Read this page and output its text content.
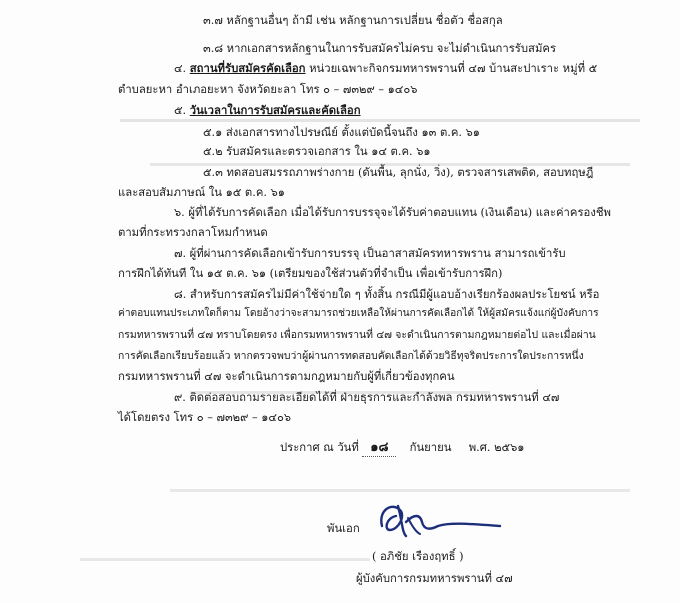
๓.๗ หลักฐานอื่นๆ ถ้ามี เช่น หลักฐานการเปลี่ยน ชื่อตัว ชื่อสกุล
๓.๘ หากเอกสารหลักฐานในการรับสมัครไม่ครบ จะไม่ดำเนินการรับสมัคร
๔. สถานที่รับสมัครคัดเลือก หน่วยเฉพาะกิจกรมทหารพรานที่ ๔๗ บ้านสะปาเราะ หมู่ที่ ๕
ตำบลยะหา อำเภอยะหา จังหวัดยะลา โทร ๐ – ๗๓๒๙ – ๑๔๐๖
๕. วันเวลาในการรับสมัครและคัดเลือก
๕.๑ ส่งเอกสารทางไปรษณีย์ ตั้งแต่บัดนี้จนถึง ๑๓ ต.ค. ๖๑
๕.๒ รับสมัครและตรวจเอกสาร ใน ๑๔ ต.ค. ๖๑
๕.๓ ทดสอบสมรรถภาพร่างกาย (ดันพื้น, ลุกนั่ง, วิ่ง), ตรวจสารเสพติด, สอบทฤษฎี
และสอบสัมภาษณ์ ใน ๑๕ ต.ค. ๖๑
๖. ผู้ที่ได้รับการคัดเลือก เมื่อได้รับการบรรจุจะได้รับค่าตอบแทน (เงินเดือน) และค่าครองชีพ
ตามที่กระทรวงกลาโหมกำหนด
๗. ผู้ที่ผ่านการคัดเลือกเข้ารับการบรรจุ เป็นอาสาสมัครทหารพราน สามารถเข้ารับ
การฝึกได้ทันที ใน ๑๕ ต.ค. ๖๑ (เตรียมของใช้ส่วนตัวที่จำเป็น เพื่อเข้ารับการฝึก)
๘. สำหรับการสมัครไม่มีค่าใช้จ่ายใด ๆ ทั้งสิ้น กรณีมีผู้แอบอ้างเรียกร้องผลประโยชน์ หรือ
ค่าตอบแทนประเภทใดก็ตาม โดยอ้างว่าจะสามารถช่วยเหลือให้ผ่านการคัดเลือกได้ ให้ผู้สมัครแจ้งแก่ผู้บังคับการ
กรมทหารพรานที่ ๔๗ ทราบโดยตรง เพื่อกรมทหารพรานที่ ๔๗ จะดำเนินการตามกฎหมายต่อไป และเมื่อผ่าน
การคัดเลือกเรียบร้อยแล้ว หากตรวจพบว่าผู้ผ่านการทดสอบคัดเลือกได้ด้วยวิธีทุจริตประการใดประการหนึ่ง
กรมทหารพรานที่ ๔๗ จะดำเนินการตามกฎหมายกับผู้ที่เกี่ยวข้องทุกคน
๙. ติดต่อสอบถามรายละเอียดได้ที่ ฝ่ายธุรการและกำลังพล กรมทหารพรานที่ ๔๗
ได้โดยตรง โทร ๐ – ๗๓๒๙ – ๑๔๐๖
ประกาศ ณ วันที่ ๑๘ กันยายน พ.ศ. ๒๕๖๑
พันเอก
( อภิชัย เรืองฤทธิ์ )
ผู้บังคับการกรมทหารพรานที่ ๔๗
